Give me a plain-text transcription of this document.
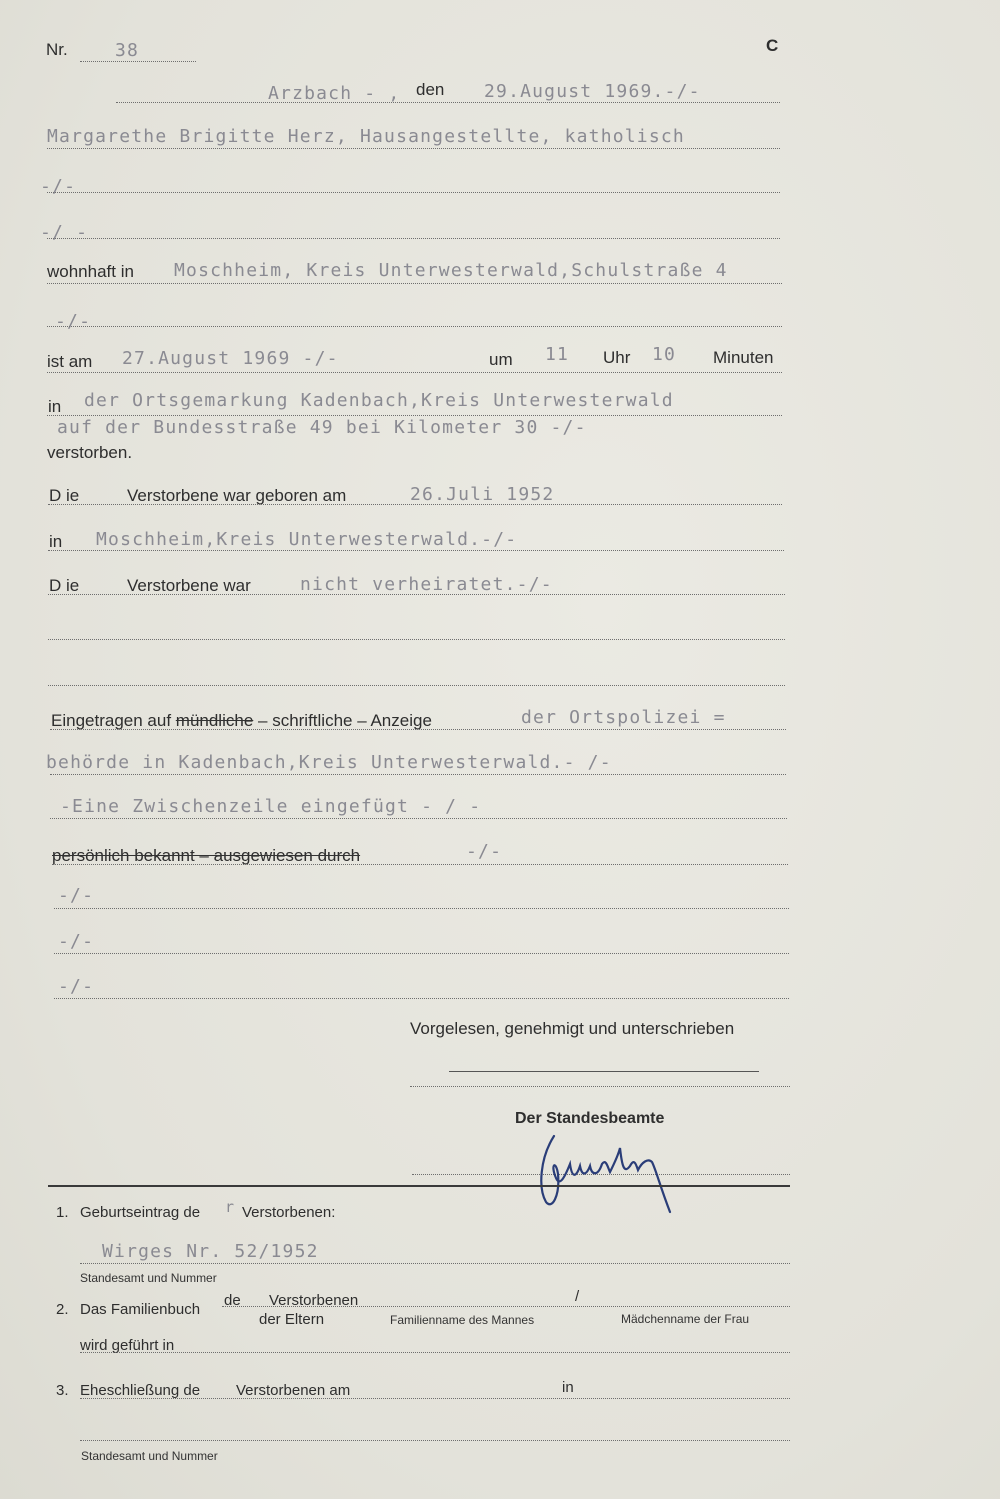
Nr.	38	C
Arzbach - , den 29.August 1969.-/-
Margarethe Brigitte Herz, Hausangestellte, katholisch
-/-
-/ -
wohnhaft in Moschheim, Kreis Unterwesterwald,Schulstraße 4
-/-
ist am 27.August 1969 -/-	um 11 Uhr 10 Minuten
in der Ortsgemarkung Kadenbach,Kreis Unterwesterwald
auf der Bundesstraße 49 bei Kilometer 30 -/-
verstorben.
D ie	Verstorbene war geboren am	26.Juli 1952
in Moschheim,Kreis Unterwesterwald.-/-
D ie	Verstorbene war	nicht verheiratet.-/-
Eingetragen auf mündliche – schriftliche – Anzeige	der Ortspolizei =
behörde in Kadenbach,Kreis Unterwesterwald.- /-
-Eine Zwischenzeile eingefügt - / -
persönlich bekannt – ausgewiesen durch	-/-
-/-
-/-
-/-
Vorgelesen, genehmigt und unterschrieben
Der Standesbeamte
1. Geburtseintrag de r Verstorbenen:
Wirges Nr. 52/1952
Standesamt und Nummer
2. Das Familienbuch
de Verstorbenen	/
der Eltern	Familienname des Mannes	Mädchenname der Frau
wird geführt in
3. Eheschließung de Verstorbenen am	in
Standesamt und Nummer
